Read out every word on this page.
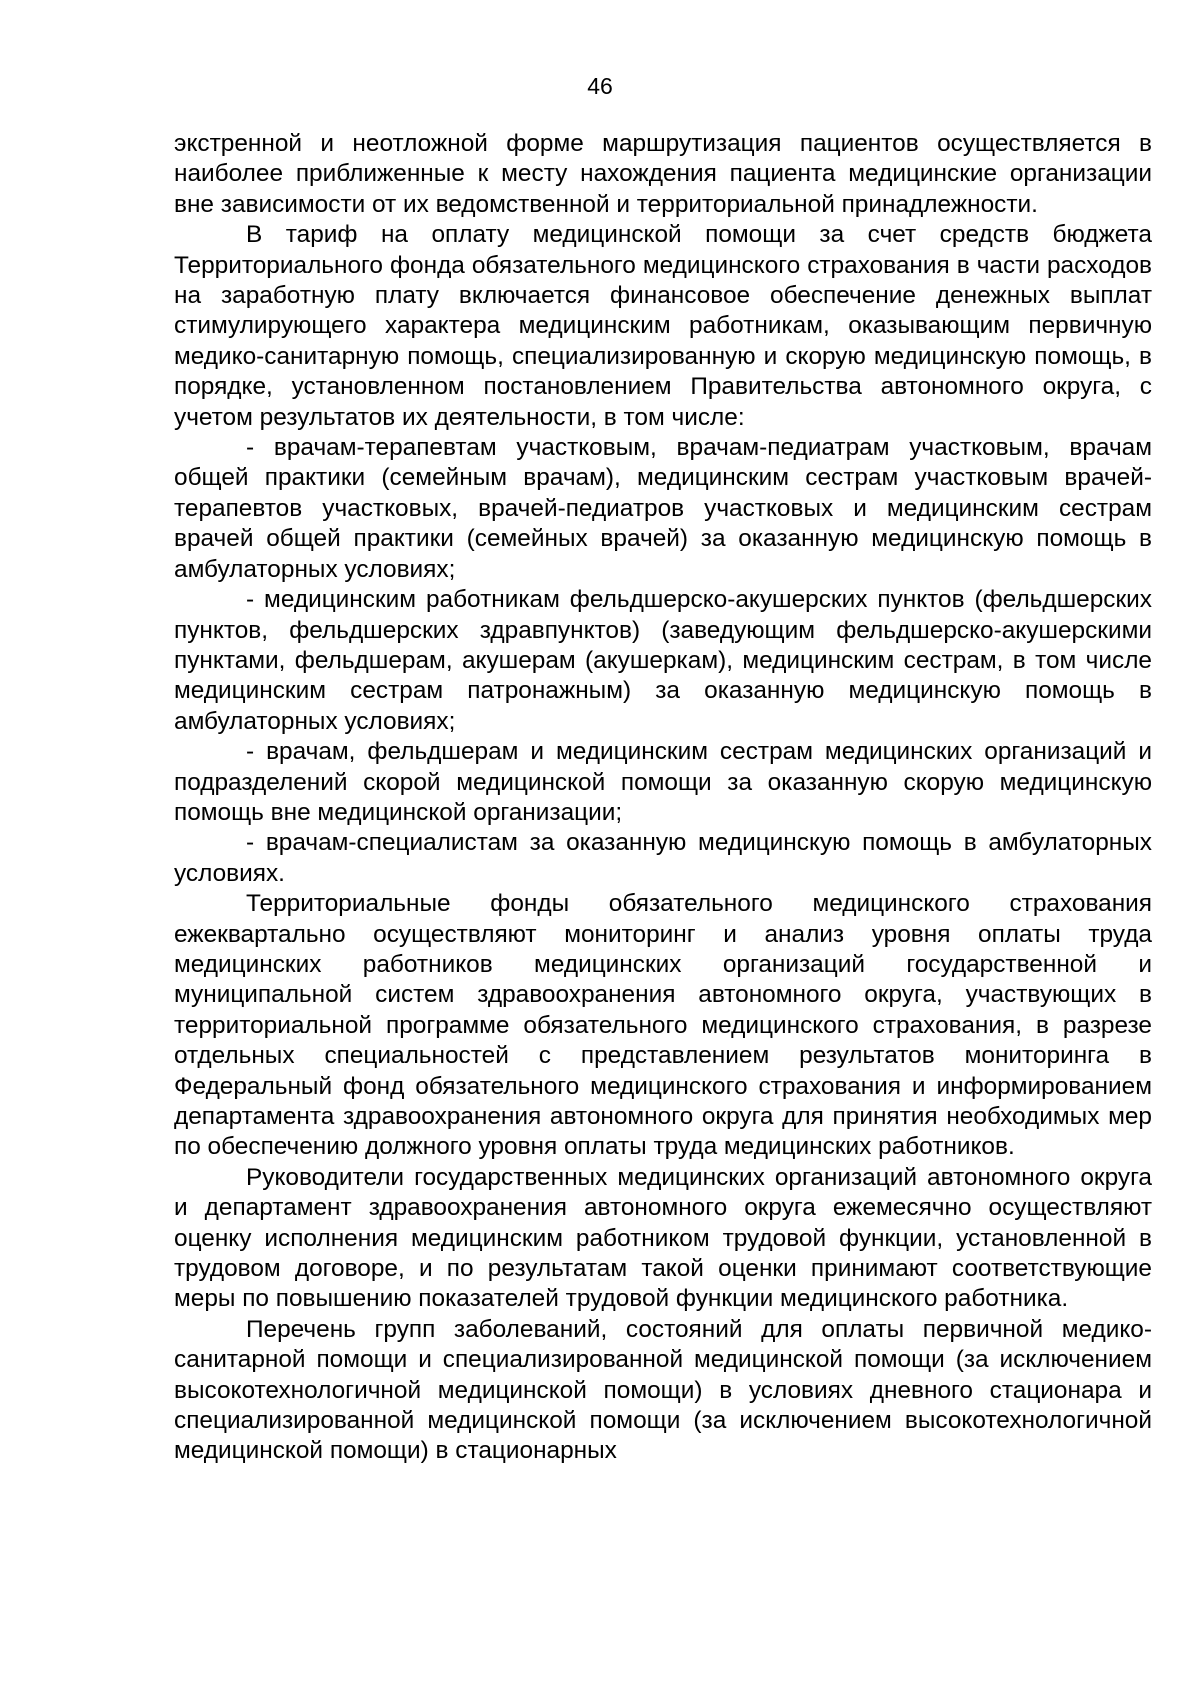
46

экстренной и неотложной форме маршрутизация пациентов осуществляется в наиболее приближенные к месту нахождения пациента медицинские организации вне зависимости от их ведомственной и территориальной принадлежности.

В тариф на оплату медицинской помощи за счет средств бюджета Территориального фонда обязательного медицинского страхования в части расходов на заработную плату включается финансовое обеспечение денежных выплат стимулирующего характера медицинским работникам, оказывающим первичную медико-санитарную помощь, специализированную и скорую медицинскую помощь, в порядке, установленном постановлением Правительства автономного округа, с учетом результатов их деятельности, в том числе:

- врачам-терапевтам участковым, врачам-педиатрам участковым, врачам общей практики (семейным врачам), медицинским сестрам участковым врачей-терапевтов участковых, врачей-педиатров участковых и медицинским сестрам врачей общей практики (семейных врачей) за оказанную медицинскую помощь в амбулаторных условиях;

- медицинским работникам фельдшерско-акушерских пунктов (фельдшерских пунктов, фельдшерских здравпунктов) (заведующим фельдшерско-акушерскими пунктами, фельдшерам, акушерам (акушеркам), медицинским сестрам, в том числе медицинским сестрам патронажным) за оказанную медицинскую помощь в амбулаторных условиях;

- врачам, фельдшерам и медицинским сестрам медицинских организаций и подразделений скорой медицинской помощи за оказанную скорую медицинскую помощь вне медицинской организации;

- врачам-специалистам за оказанную медицинскую помощь в амбулаторных условиях.

Территориальные фонды обязательного медицинского страхования ежеквартально осуществляют мониторинг и анализ уровня оплаты труда медицинских работников медицинских организаций государственной и муниципальной систем здравоохранения автономного округа, участвующих в территориальной программе обязательного медицинского страхования, в разрезе отдельных специальностей с представлением результатов мониторинга в Федеральный фонд обязательного медицинского страхования и информированием департамента здравоохранения автономного округа для принятия необходимых мер по обеспечению должного уровня оплаты труда медицинских работников.

Руководители государственных медицинских организаций автономного округа и департамент здравоохранения автономного округа ежемесячно осуществляют оценку исполнения медицинским работником трудовой функции, установленной в трудовом договоре, и по результатам такой оценки принимают соответствующие меры по повышению показателей трудовой функции медицинского работника.

Перечень групп заболеваний, состояний для оплаты первичной медико-санитарной помощи и специализированной медицинской помощи (за исключением высокотехнологичной медицинской помощи) в условиях дневного стационара и специализированной медицинской помощи (за исключением высокотехнологичной медицинской помощи) в стационарных
